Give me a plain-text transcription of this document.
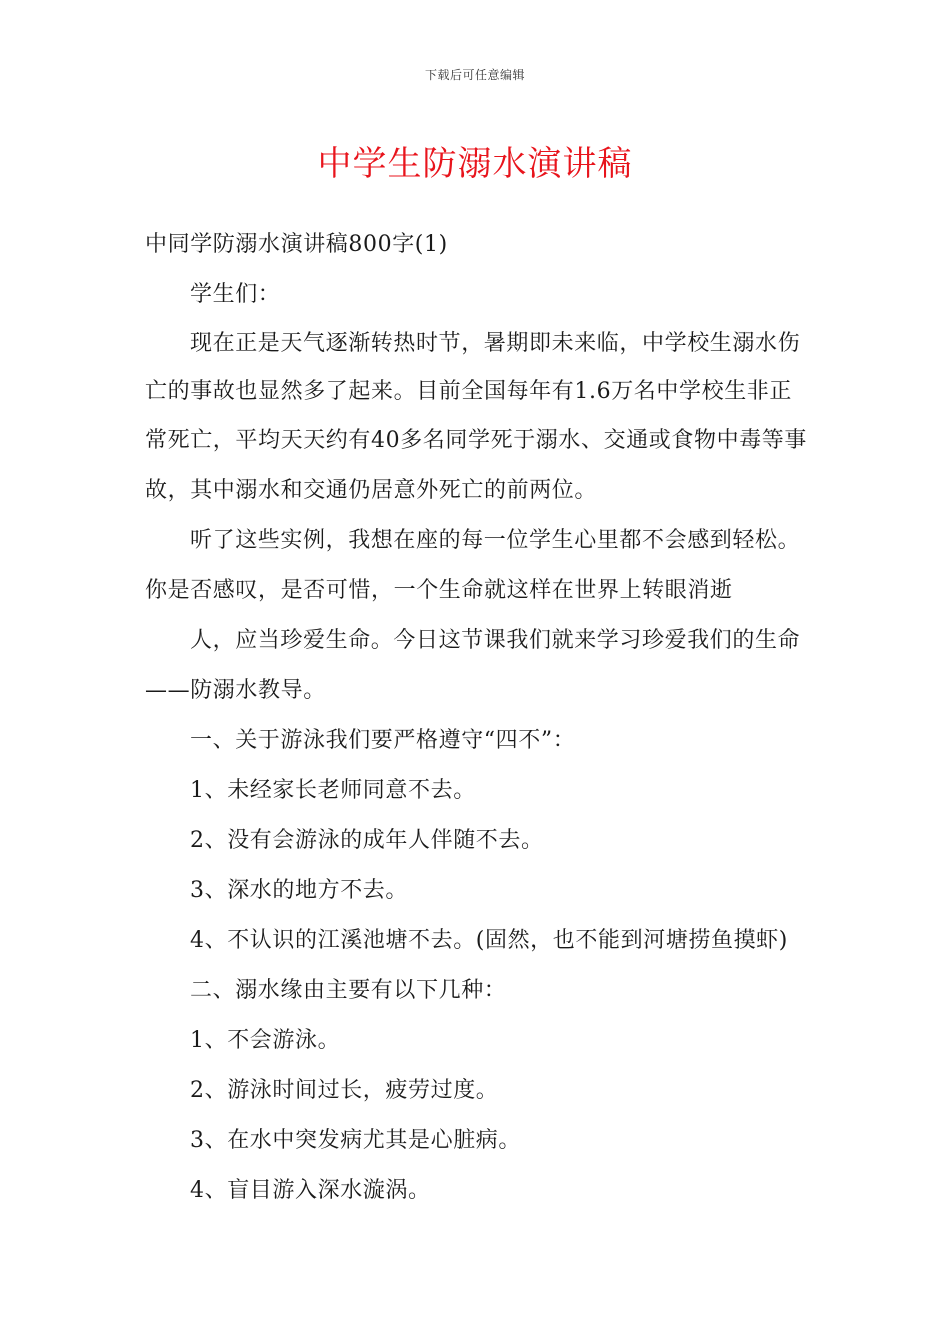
下载后可任意编辑
中学生防溺水演讲稿
中同学防溺水演讲稿800字(1)
学生们：
现在正是天气逐渐转热时节，暑期即未来临，中学校生溺水伤
亡的事故也显然多了起来。目前全国每年有1.6万名中学校生非正
常死亡，平均天天约有40多名同学死于溺水、交通或食物中毒等事
故，其中溺水和交通仍居意外死亡的前两位。
听了这些实例，我想在座的每一位学生心里都不会感到轻松。
你是否感叹，是否可惜，一个生命就这样在世界上转眼消逝
人，应当珍爱生命。今日这节课我们就来学习珍爱我们的生命
——防溺水教导。
一、关于游泳我们要严格遵守“四不”：
1、未经家长老师同意不去。
2、没有会游泳的成年人伴随不去。
3、深水的地方不去。
4、不认识的江溪池塘不去。(固然，也不能到河塘捞鱼摸虾)
二、溺水缘由主要有以下几种：
1、不会游泳。
2、游泳时间过长，疲劳过度。
3、在水中突发病尤其是心脏病。
4、盲目游入深水漩涡。
